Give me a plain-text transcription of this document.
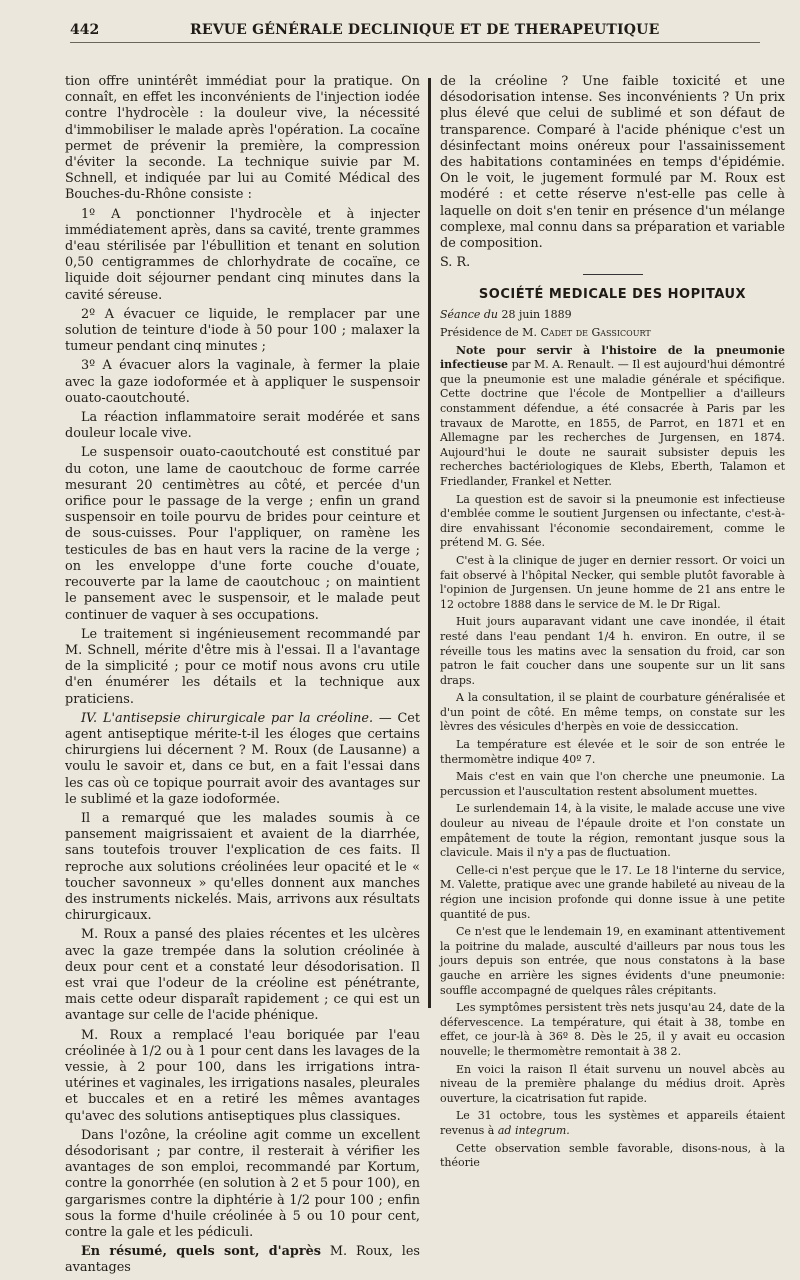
442	REVUE GÉNÉRALE DECLINIQUE ET DE THERAPEUTIQUE

tion offre unintérêt immédiat pour la pratique. On connaît, en effet les inconvénients de l'injection iodée contre l'hydrocèle : la douleur vive, la nécessité d'immobiliser le malade après l'opération. La cocaïne permet de prévenir la première, la compression d'éviter la seconde. La technique suivie par M. Schnell, et indiquée par lui au Comité Médical des Bouches-du-Rhône consiste :

1º A ponctionner l'hydrocèle et à injecter immédiatement après, dans sa cavité, trente grammes d'eau stérilisée par l'ébullition et tenant en solution 0,50 centigrammes de chlorhydrate de cocaïne, ce liquide doit séjourner pendant cinq minutes dans la cavité séreuse.

2º A évacuer ce liquide, le remplacer par une solution de teinture d'iode à 50 pour 100 ; malaxer la tumeur pendant cinq minutes ;

3º A évacuer alors la vaginale, à fermer la plaie avec la gaze iodoformée et à appliquer le suspensoir ouato-caoutchouté.

La réaction inflammatoire serait modérée et sans douleur locale vive.

Le suspensoir ouato-caoutchouté est constitué par du coton, une lame de caoutchouc de forme carrée mesurant 20 centimètres au côté, et percée d'un orifice pour le passage de la verge ; enfin un grand suspensoir en toile pourvu de brides pour ceinture et de sous-cuisses. Pour l'appliquer, on ramène les testicules de bas en haut vers la racine de la verge ; on les enveloppe d'une forte couche d'ouate, recouverte par la lame de caoutchouc ; on maintient le pansement avec le suspensoir, et le malade peut continuer de vaquer à ses occupations.

Le traitement si ingénieusement recommandé par M. Schnell, mérite d'être mis à l'essai. Il a l'avantage de la simplicité ; pour ce motif nous avons cru utile d'en énumérer les détails et la technique aux praticiens.

IV. L'antisepsie chirurgicale par la créoline. — Cet agent antiseptique mérite-t-il les éloges que certains chirurgiens lui décernent ? M. Roux (de Lausanne) a voulu le savoir et, dans ce but, en a fait l'essai dans les cas où ce topique pourrait avoir des avantages sur le sublimé et la gaze iodoformée.

Il a remarqué que les malades soumis à ce pansement maigrissaient et avaient de la diarrhée, sans toutefois trouver l'explication de ces faits. Il reproche aux solutions créolinées leur opacité et le « toucher savonneux » qu'elles donnent aux manches des instruments nickelés. Mais, arrivons aux résultats chirurgicaux.

M. Roux a pansé des plaies récentes et les ulcères avec la gaze trempée dans la solution créolinée à deux pour cent et a constaté leur désodorisation. Il est vrai que l'odeur de la créoline est pénétrante, mais cette odeur disparaît rapidement ; ce qui est un avantage sur celle de l'acide phénique.

M. Roux a remplacé l'eau boriquée par l'eau créolinée à 1/2 ou à 1 pour cent dans les lavages de la vessie, à 2 pour 100, dans les irrigations intra-utérines et vaginales, les irrigations nasales, pleurales et buccales et en a retiré les mêmes avantages qu'avec des solutions antiseptiques plus classiques.

Dans l'ozône, la créoline agit comme un excellent désodorisant ; par contre, il resterait à vérifier les avantages de son emploi, recommandé par Kortum, contre la gonorrhée (en solution à 2 et 5 pour 100), en gargarismes contre la diphtérie à 1/2 pour 100 ; enfin sous la forme d'huile créolinée à 5 ou 10 pour cent, contre la gale et les pédiculi.

En résumé, quels sont, d'après M. Roux, les avantages

de la créoline ? Une faible toxicité et une désodorisation intense. Ses inconvénients ? Un prix plus élevé que celui de sublimé et son défaut de transparence. Comparé à l'acide phénique c'est un désinfectant moins onéreux pour l'assainissement des habitations contaminées en temps d'épidémie. On le voit, le jugement formulé par M. Roux est modéré : et cette réserve n'est-elle pas celle à laquelle on doit s'en tenir en présence d'un mélange complexe, mal connu dans sa préparation et variable de composition.

S. R.

SOCIÉTÉ MEDICALE DES HOPITAUX

Séance du 28 juin 1889

Présidence de M. Cadet de Gassicourt

Note pour servir à l'histoire de la pneumonie infectieuse par M. A. Renault. — Il est aujourd'hui démontré que la pneumonie est une maladie générale et spécifique. Cette doctrine que l'école de Montpellier a d'ailleurs constamment défendue, a été consacrée à Paris par les travaux de Marotte, en 1855, de Parrot, en 1871 et en Allemagne par les recherches de Jurgensen, en 1874. Aujourd'hui le doute ne saurait subsister depuis les recherches bactériologiques de Klebs, Eberth, Talamon et Friedlander, Frankel et Netter.

La question est de savoir si la pneumonie est infectieuse d'emblée comme le soutient Jurgensen ou infectante, c'est-à-dire envahissant l'économie secondairement, comme le prétend M. G. Sée.

C'est à la clinique de juger en dernier ressort. Or voici un fait observé à l'hôpital Necker, qui semble plutôt favorable à l'opinion de Jurgensen. Un jeune homme de 21 ans entre le 12 octobre 1888 dans le service de M. le Dr Rigal.

Huit jours auparavant vidant une cave inondée, il était resté dans l'eau pendant 1/4 h. environ. En outre, il se réveille tous les matins avec la sensation du froid, car son patron le fait coucher dans une soupente sur un lit sans draps.

A la consultation, il se plaint de courbature généralisée et d'un point de côté. En même temps, on constate sur les lèvres des vésicules d'herpès en voie de dessiccation.

La température est élevée et le soir de son entrée le thermomètre indique 40º 7.

Mais c'est en vain que l'on cherche une pneumonie. La percussion et l'auscultation restent absolument muettes.

Le surlendemain 14, à la visite, le malade accuse une vive douleur au niveau de l'épaule droite et l'on constate un empâtement de toute la région, remontant jusque sous la clavicule. Mais il n'y a pas de fluctuation.

Celle-ci n'est perçue que le 17. Le 18 l'interne du service, M. Valette, pratique avec une grande habileté au niveau de la région une incision profonde qui donne issue à une petite quantité de pus.

Ce n'est que le lendemain 19, en examinant attentivement la poitrine du malade, ausculté d'ailleurs par nous tous les jours depuis son entrée, que nous constatons à la base gauche en arrière les signes évidents d'une pneumonie: souffle accompagné de quelques râles crépitants.

Les symptômes persistent très nets jusqu'au 24, date de la défervescence. La température, qui était à 38, tombe en effet, ce jour-là à 36º 8. Dès le 25, il y avait eu occasion nouvelle; le thermomètre remontait à 38 2.

En voici la raison Il était survenu un nouvel abcès au niveau de la première phalange du médius droit. Après ouverture, la cicatrisation fut rapide.

Le 31 octobre, tous les systèmes et appareils étaient revenus à ad integrum.

Cette observation semble favorable, disons-nous, à la théorie
